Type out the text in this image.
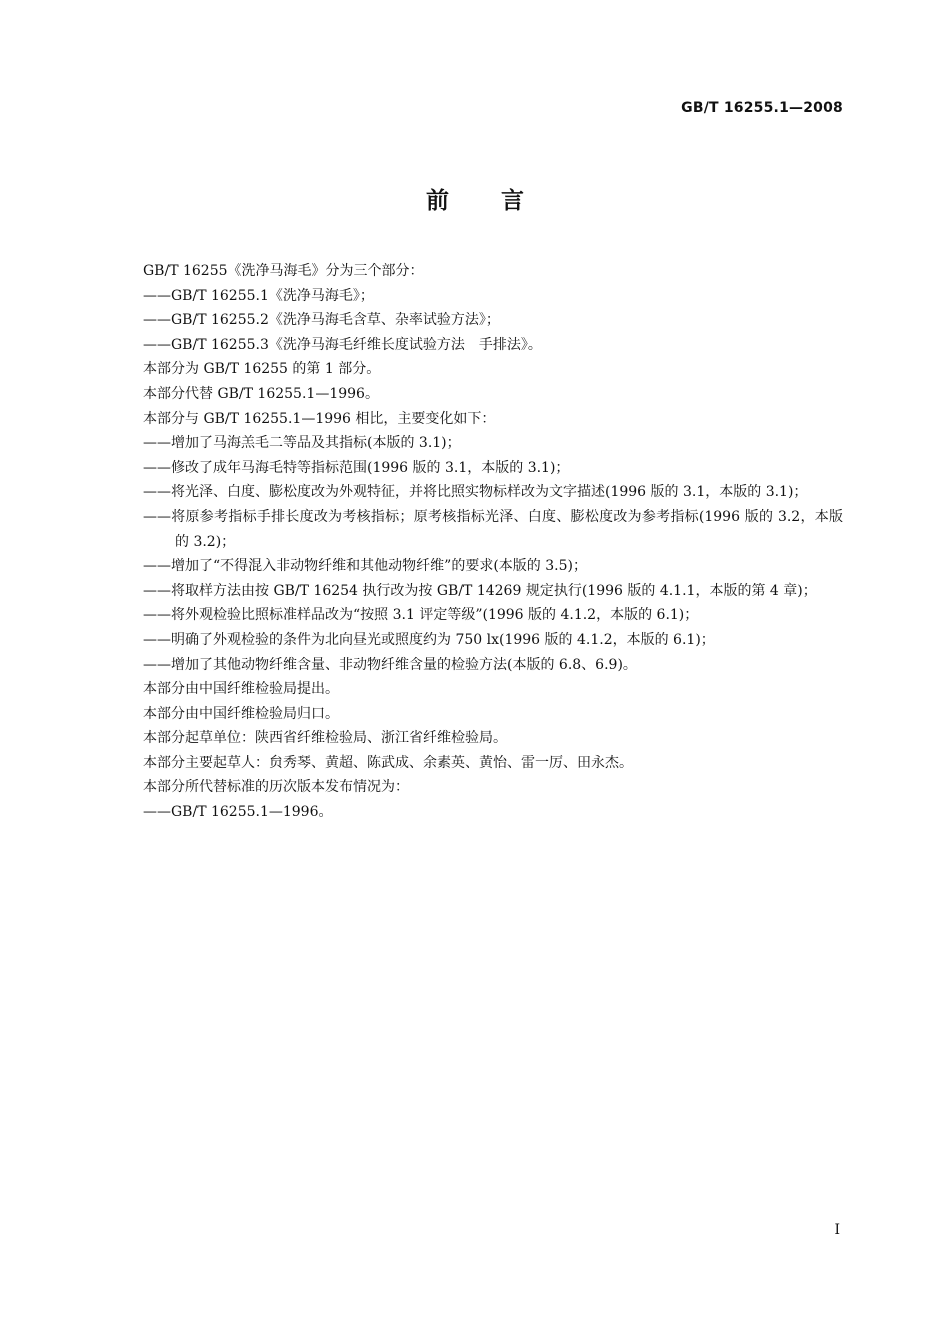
GB/T 16255.1—2008
前言
GB/T 16255《洗净马海毛》分为三个部分：
——GB/T 16255.1《洗净马海毛》；
——GB/T 16255.2《洗净马海毛含草、杂率试验方法》；
——GB/T 16255.3《洗净马海毛纤维长度试验方法　手排法》。
本部分为 GB/T 16255 的第 1 部分。
本部分代替 GB/T 16255.1—1996。
本部分与 GB/T 16255.1—1996 相比，主要变化如下：
——增加了马海羔毛二等品及其指标(本版的 3.1)；
——修改了成年马海毛特等指标范围(1996 版的 3.1，本版的 3.1)；
——将光泽、白度、膨松度改为外观特征，并将比照实物标样改为文字描述(1996 版的 3.1，本版的 3.1)；
——将原参考指标手排长度改为考核指标；原考核指标光泽、白度、膨松度改为参考指标(1996 版的 3.2，本版的 3.2)；
——增加了“不得混入非动物纤维和其他动物纤维”的要求(本版的 3.5)；
——将取样方法由按 GB/T 16254 执行改为按 GB/T 14269 规定执行(1996 版的 4.1.1，本版的第 4 章)；
——将外观检验比照标准样品改为“按照 3.1 评定等级”(1996 版的 4.1.2，本版的 6.1)；
——明确了外观检验的条件为北向昼光或照度约为 750 lx(1996 版的 4.1.2，本版的 6.1)；
——增加了其他动物纤维含量、非动物纤维含量的检验方法(本版的 6.8、6.9)。
本部分由中国纤维检验局提出。
本部分由中国纤维检验局归口。
本部分起草单位：陕西省纤维检验局、浙江省纤维检验局。
本部分主要起草人：贠秀琴、黄超、陈武成、余素英、黄怡、雷一厉、田永杰。
本部分所代替标准的历次版本发布情况为：
——GB/T 16255.1—1996。
I
